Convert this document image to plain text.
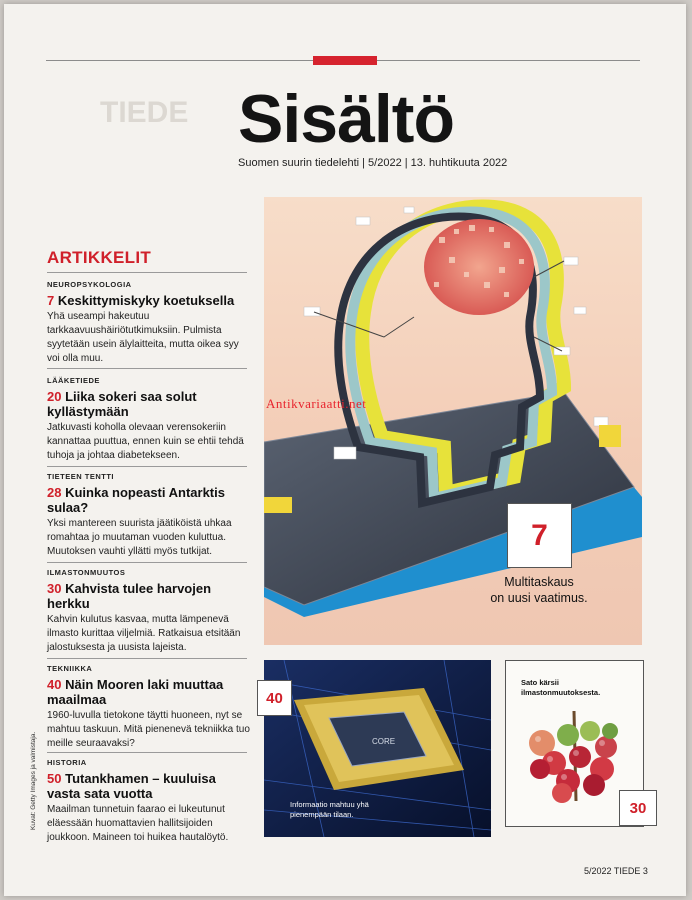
TIEDE Sisältö
Suomen suurin tiedelehti | 5/2022 | 13. huhtikuuta 2022
ARTIKKELIT
NEUROPSYKOLOGIA
7 Keskittymiskyky koetuksella
Yhä useampi hakeutuu tarkkaavuushäiriötutkimuksiin. Pulmista syytetään usein älylaitteita, mutta oikea syy voi olla muu.
LÄÄKETIEDE
20 Liika sokeri saa solut kyllästymään
Jatkuvasti koholla olevaan verensokeriin kannattaa puuttua, ennen kuin se ehtii tehdä tuhoja ja johtaa diabetekseen.
TIETEEN TENTTI
28 Kuinka nopeasti Antarktis sulaa?
Yksi mantereen suurista jäätiköistä uhkaa romahtaa jo muutaman vuoden kuluttua. Muutoksen vauhti yllätti myös tutkijat.
ILMASTONMUUTOS
30 Kahvista tulee harvojen herkku
Kahvin kulutus kasvaa, mutta lämpenevä ilmasto kurittaa viljelmiä. Ratkaisua etsitään jalostuksesta ja uusista lajeista.
TEKNIIKKA
40 Näin Mooren laki muuttaa maailmaa
1960-luvulla tietokone täytti huoneen, nyt se mahtuu taskuun. Mitä pienenevä tekniikka tuo meille seuraavaksi?
HISTORIA
50 Tutankhamen – kuuluisa vasta sata vuotta
Maailman tunnetuin faarao ei lukeutunut eläessään huomattavien hallitsijoiden joukkoon. Maineen toi huikea hautalöytö.
Antikvariaatti.net
7
Multitaskaus
on uusi vaatimus.
CORE
Informaatio mahtuu yhä pienempään tilaan.
40
Sato kärsii ilmastonmuutoksesta.
30
Kuvat: Getty Images ja valmistaja.
5/2022 TIEDE 3
